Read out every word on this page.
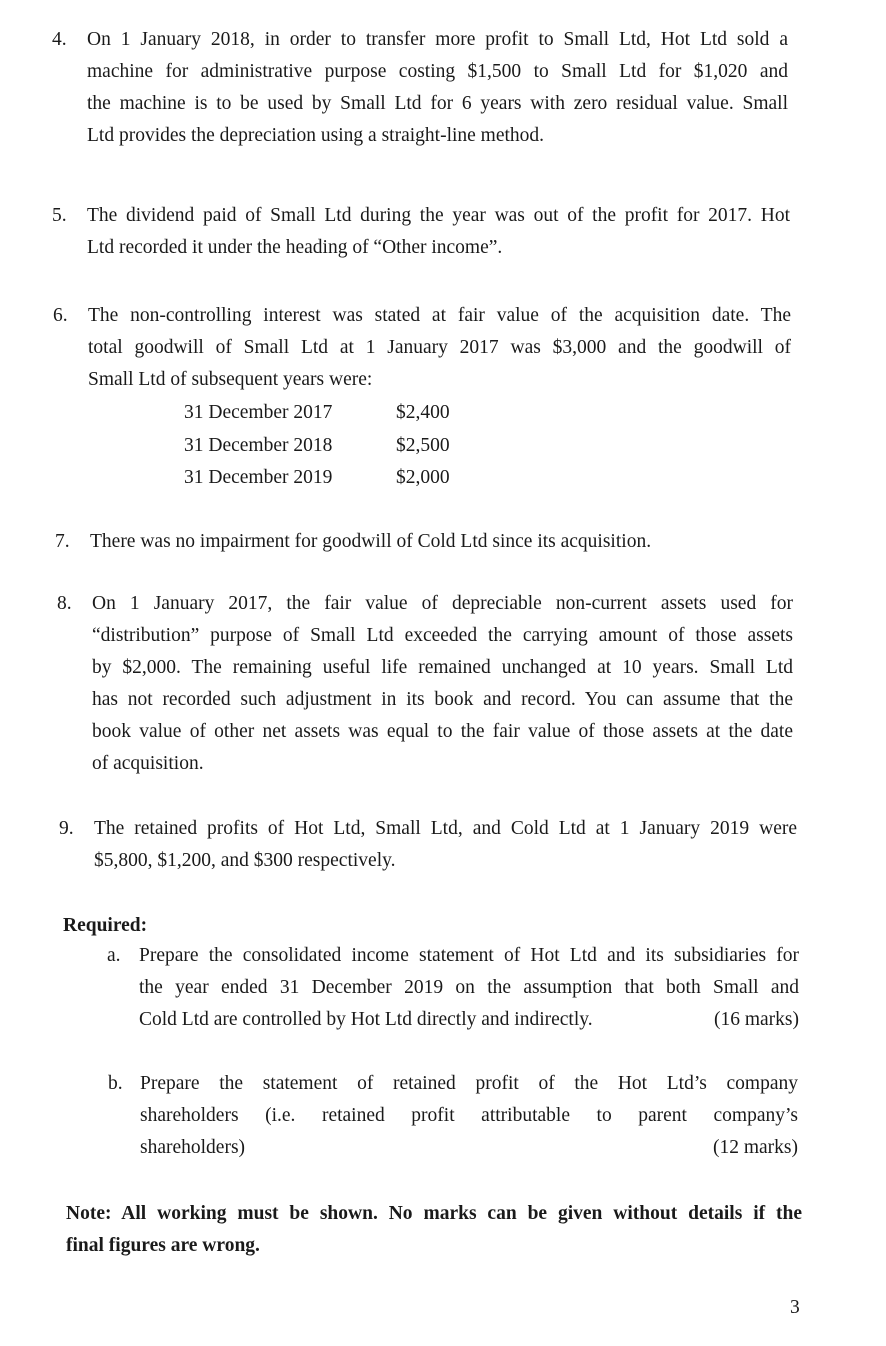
4. On 1 January 2018, in order to transfer more profit to Small Ltd, Hot Ltd sold a
machine for administrative purpose costing $1,500 to Small Ltd for $1,020 and
the machine is to be used by Small Ltd for 6 years with zero residual value. Small
Ltd provides the depreciation using a straight-line method.
5. The dividend paid of Small Ltd during the year was out of the profit for 2017. Hot
Ltd recorded it under the heading of “Other income”.
6. The non-controlling interest was stated at fair value of the acquisition date. The
total goodwill of Small Ltd at 1 January 2017 was $3,000 and the goodwill of
Small Ltd of subsequent years were:
31 December 2017	$2,400
31 December 2018	$2,500
31 December 2019	$2,000
7. There was no impairment for goodwill of Cold Ltd since its acquisition.
8. On 1 January 2017, the fair value of depreciable non-current assets used for
“distribution” purpose of Small Ltd exceeded the carrying amount of those assets
by $2,000. The remaining useful life remained unchanged at 10 years. Small Ltd
has not recorded such adjustment in its book and record. You can assume that the
book value of other net assets was equal to the fair value of those assets at the date
of acquisition.
9. The retained profits of Hot Ltd, Small Ltd, and Cold Ltd at 1 January 2019 were
$5,800, $1,200, and $300 respectively.
Required:
a. Prepare the consolidated income statement of Hot Ltd and its subsidiaries for
the year ended 31 December 2019 on the assumption that both Small and
Cold Ltd are controlled by Hot Ltd directly and indirectly.	(16 marks)
b. Prepare the statement of retained profit of the Hot Ltd’s company
shareholders (i.e. retained profit attributable to parent company’s
shareholders)	(12 marks)
Note: All working must be shown. No marks can be given without details if the
final figures are wrong.
3
